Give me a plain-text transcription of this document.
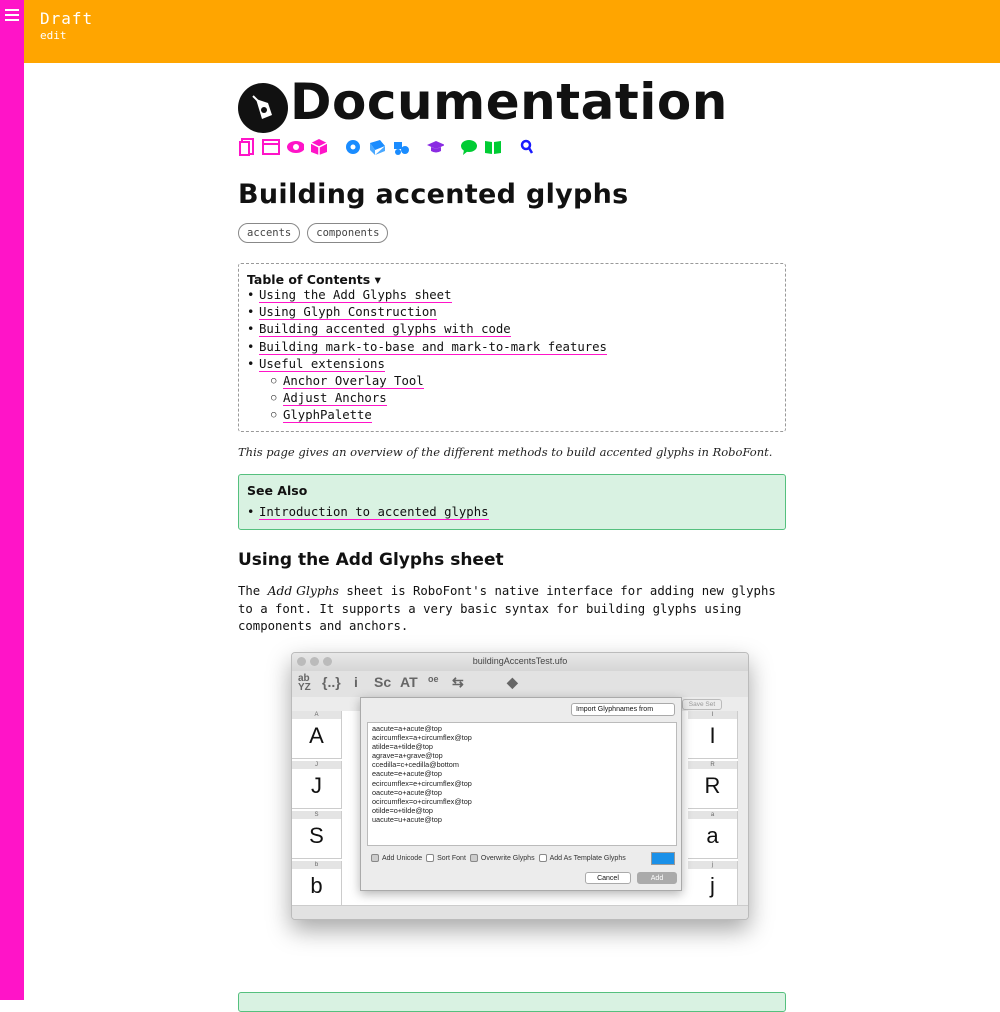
Draft
edit
Documentation
Building accented glyphs
accents	components
Table of Contents ▾
• Using the Add Glyphs sheet
• Using Glyph Construction
• Building accented glyphs with code
• Building mark-to-base and mark-to-mark features
• Useful extensions
○ Anchor Overlay Tool
○ Adjust Anchors
○ GlyphPalette

This page gives an overview of the different methods to build accented glyphs in RoboFont.

See Also
• Introduction to accented glyphs
Using the Add Glyphs sheet

The Add Glyphs sheet is RoboFont's native interface for adding new glyphs to a font. It supports a very basic syntax for building glyphs using components and anchors.

buildingAccentsTest.ufo
ab
YZ {..} i Sc AT oe ⇆	◆
A
A
J
J
S
S
b
b
I
I
R
R
a
a
j
j
Save Set
Import Glyphnames from
aacute=a+acute@top
acircumflex=a+circumflex@top
atilde=a+tilde@top
agrave=a+grave@top
ccedilla=c+cedilla@bottom
eacute=e+acute@top
ecircumflex=e+circumflex@top
oacute=o+acute@top
ocircumflex=o+circumflex@top
otilde=o+tilde@top
uacute=u+acute@top
Add Unicode Sort Font Overwrite Glyphs Add As Template Glyphs
Cancel	Add
